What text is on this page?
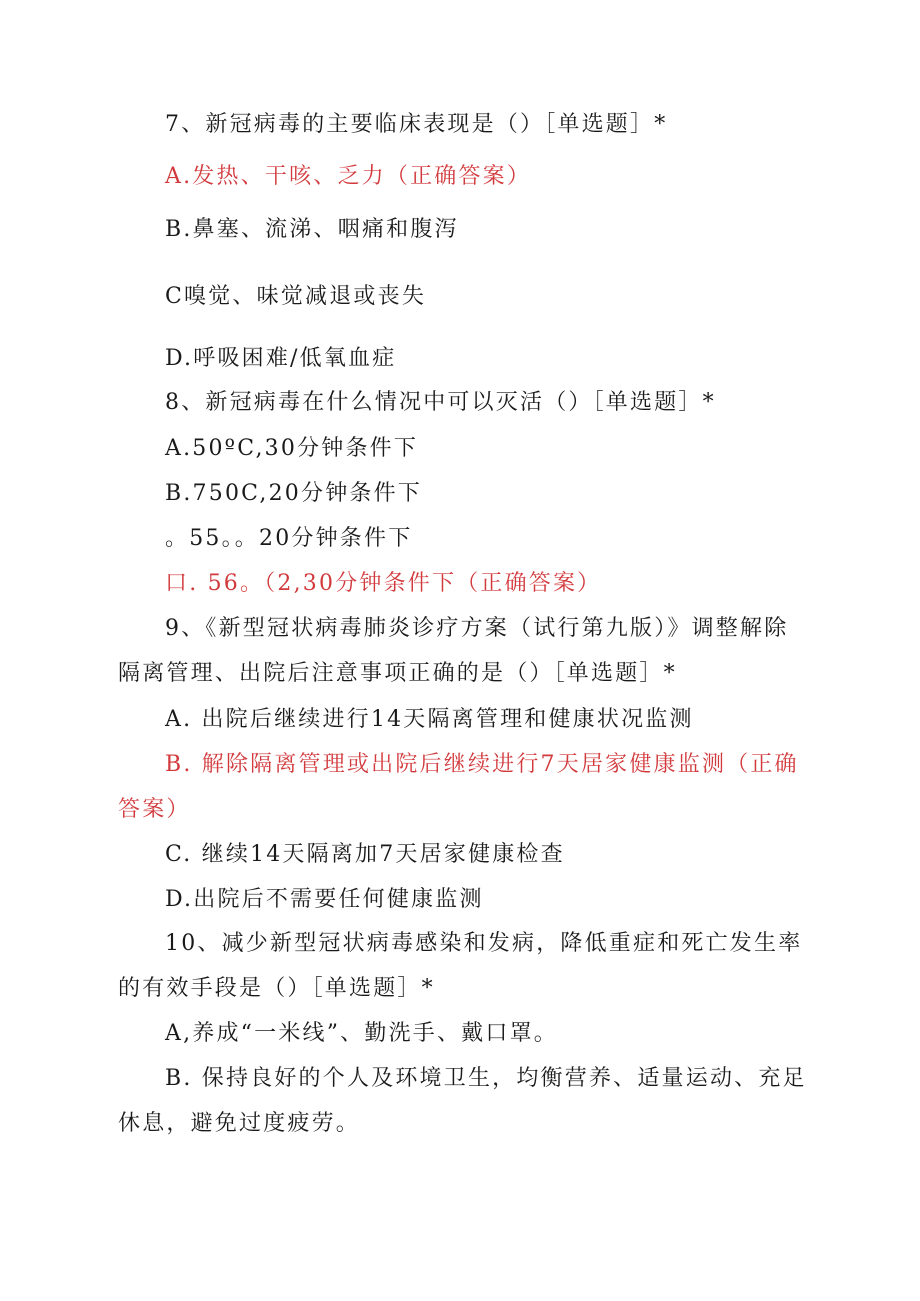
7、新冠病毒的主要临床表现是（）［单选题］*
A.发热、干咳、乏力（正确答案）
B.鼻塞、流涕、咽痛和腹泻
C嗅觉、味觉减退或丧失
D.呼吸困难/低氧血症
8、新冠病毒在什么情况中可以灭活（）［单选题］*
A.50ºC,30分钟条件下
B.750C,20分钟条件下
。55。。20分钟条件下
口. 56。（2,30分钟条件下（正确答案）
9、《新型冠状病毒肺炎诊疗方案（试行第九版）》调整解除
隔离管理、出院后注意事项正确的是（）［单选题］*
A. 出院后继续进行14天隔离管理和健康状况监测
B. 解除隔离管理或出院后继续进行7天居家健康监测（正确
答案）
C. 继续14天隔离加7天居家健康检查
D.出院后不需要任何健康监测
10、减少新型冠状病毒感染和发病，降低重症和死亡发生率
的有效手段是（）［单选题］*
A,养成“一米线”、勤洗手、戴口罩。
B. 保持良好的个人及环境卫生，均衡营养、适量运动、充足
休息，避免过度疲劳。
